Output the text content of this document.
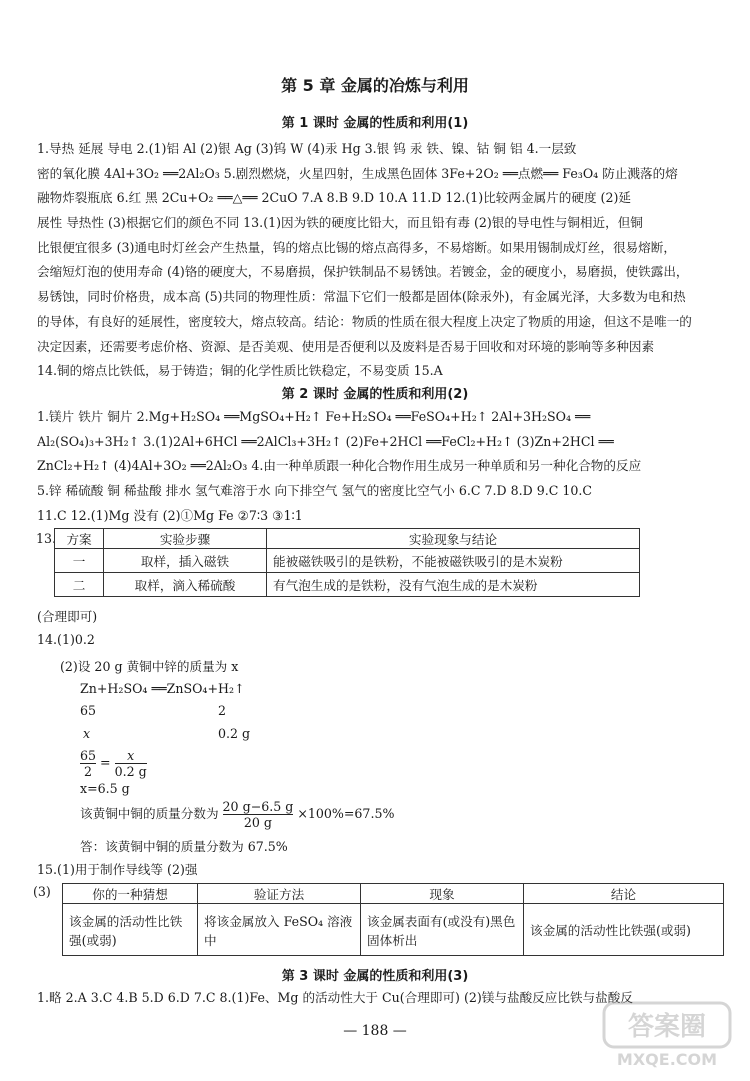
第 5 章 金属的冶炼与利用
第 1 课时 金属的性质和利用(1)
1.导热 延展 导电 2.(1)铝 Al (2)银 Ag (3)钨 W (4)汞 Hg 3.银 钨 汞 铁、镍、钴 铜 铝 4.一层致
密的氧化膜 4Al+3O₂ ══2Al₂O₃ 5.剧烈燃烧，火星四射，生成黑色固体 3Fe+2O₂ ══点燃══ Fe₃O₄ 防止溅落的熔
融物炸裂瓶底 6.红 黑 2Cu+O₂ ══△══ 2CuO 7.A 8.B 9.D 10.A 11.D 12.(1)比较两金属片的硬度 (2)延
展性 导热性 (3)根据它们的颜色不同 13.(1)因为铁的硬度比铅大，而且铅有毒 (2)银的导电性与铜相近，但铜
比银便宜很多 (3)通电时灯丝会产生热量，钨的熔点比锡的熔点高得多，不易熔断。如果用锡制成灯丝，很易熔断，
会缩短灯泡的使用寿命 (4)铬的硬度大，不易磨损，保护铁制品不易锈蚀。若镀金，金的硬度小，易磨损，使铁露出，
易锈蚀，同时价格贵，成本高 (5)共同的物理性质：常温下它们一般都是固体(除汞外)，有金属光泽，大多数为电和热
的导体，有良好的延展性，密度较大，熔点较高。结论：物质的性质在很大程度上决定了物质的用途，但这不是唯一的
决定因素，还需要考虑价格、资源、是否美观、使用是否便利以及废料是否易于回收和对环境的影响等多种因素
14.铜的熔点比铁低，易于铸造；铜的化学性质比铁稳定，不易变质 15.A
第 2 课时 金属的性质和利用(2)
1.镁片 铁片 铜片 2.Mg+H₂SO₄ ══MgSO₄+H₂↑ Fe+H₂SO₄ ══FeSO₄+H₂↑ 2Al+3H₂SO₄ ══
Al₂(SO₄)₃+3H₂↑ 3.(1)2Al+6HCl ══2AlCl₃+3H₂↑ (2)Fe+2HCl ══FeCl₂+H₂↑ (3)Zn+2HCl ══
ZnCl₂+H₂↑ (4)4Al+3O₂ ══2Al₂O₃ 4.由一种单质跟一种化合物作用生成另一种单质和另一种化合物的反应
5.锌 稀硫酸 铜 稀盐酸 排水 氢气难溶于水 向下排空气 氢气的密度比空气小 6.C 7.D 8.D 9.C 10.C
11.C 12.(1)Mg 没有 (2)①Mg Fe ②7∶3 ③1∶1
13. 方案	实验步骤	实验现象与结论
一	取样，插入磁铁	能被磁铁吸引的是铁粉，不能被磁铁吸引的是木炭粉
二	取样，滴入稀硫酸	有气泡生成的是铁粉，没有气泡生成的是木炭粉
(合理即可)
14.(1)0.2
(2)设 20 g 黄铜中锌的质量为 x
Zn+H₂SO₄ ══ZnSO₄+H₂↑
65	2
x	0.2 g
$\frac{65}{2} = \frac{x}{0.2 g}$
x=6.5 g
该黄铜中铜的质量分数为 $\frac{20 g-6.5 g}{20 g} \times 100\%=67.5\%$
答：该黄铜中铜的质量分数为 67.5%
15.(1)用于制作导线等 (2)强
(3)	你的一种猜想	验证方法	现象	结论
该金属的活动性比铁强(或弱)	将该金属放入 FeSO₄ 溶液中	该金属表面有(或没有)黑色固体析出	该金属的活动性比铁强(或弱)
第 3 课时 金属的性质和利用(3)
1.略 2.A 3.C 4.B 5.D 6.D 7.C 8.(1)Fe、Mg 的活动性大于 Cu(合理即可) (2)镁与盐酸反应比铁与盐酸反
— 188 —	答案圈
MXQE.COM
